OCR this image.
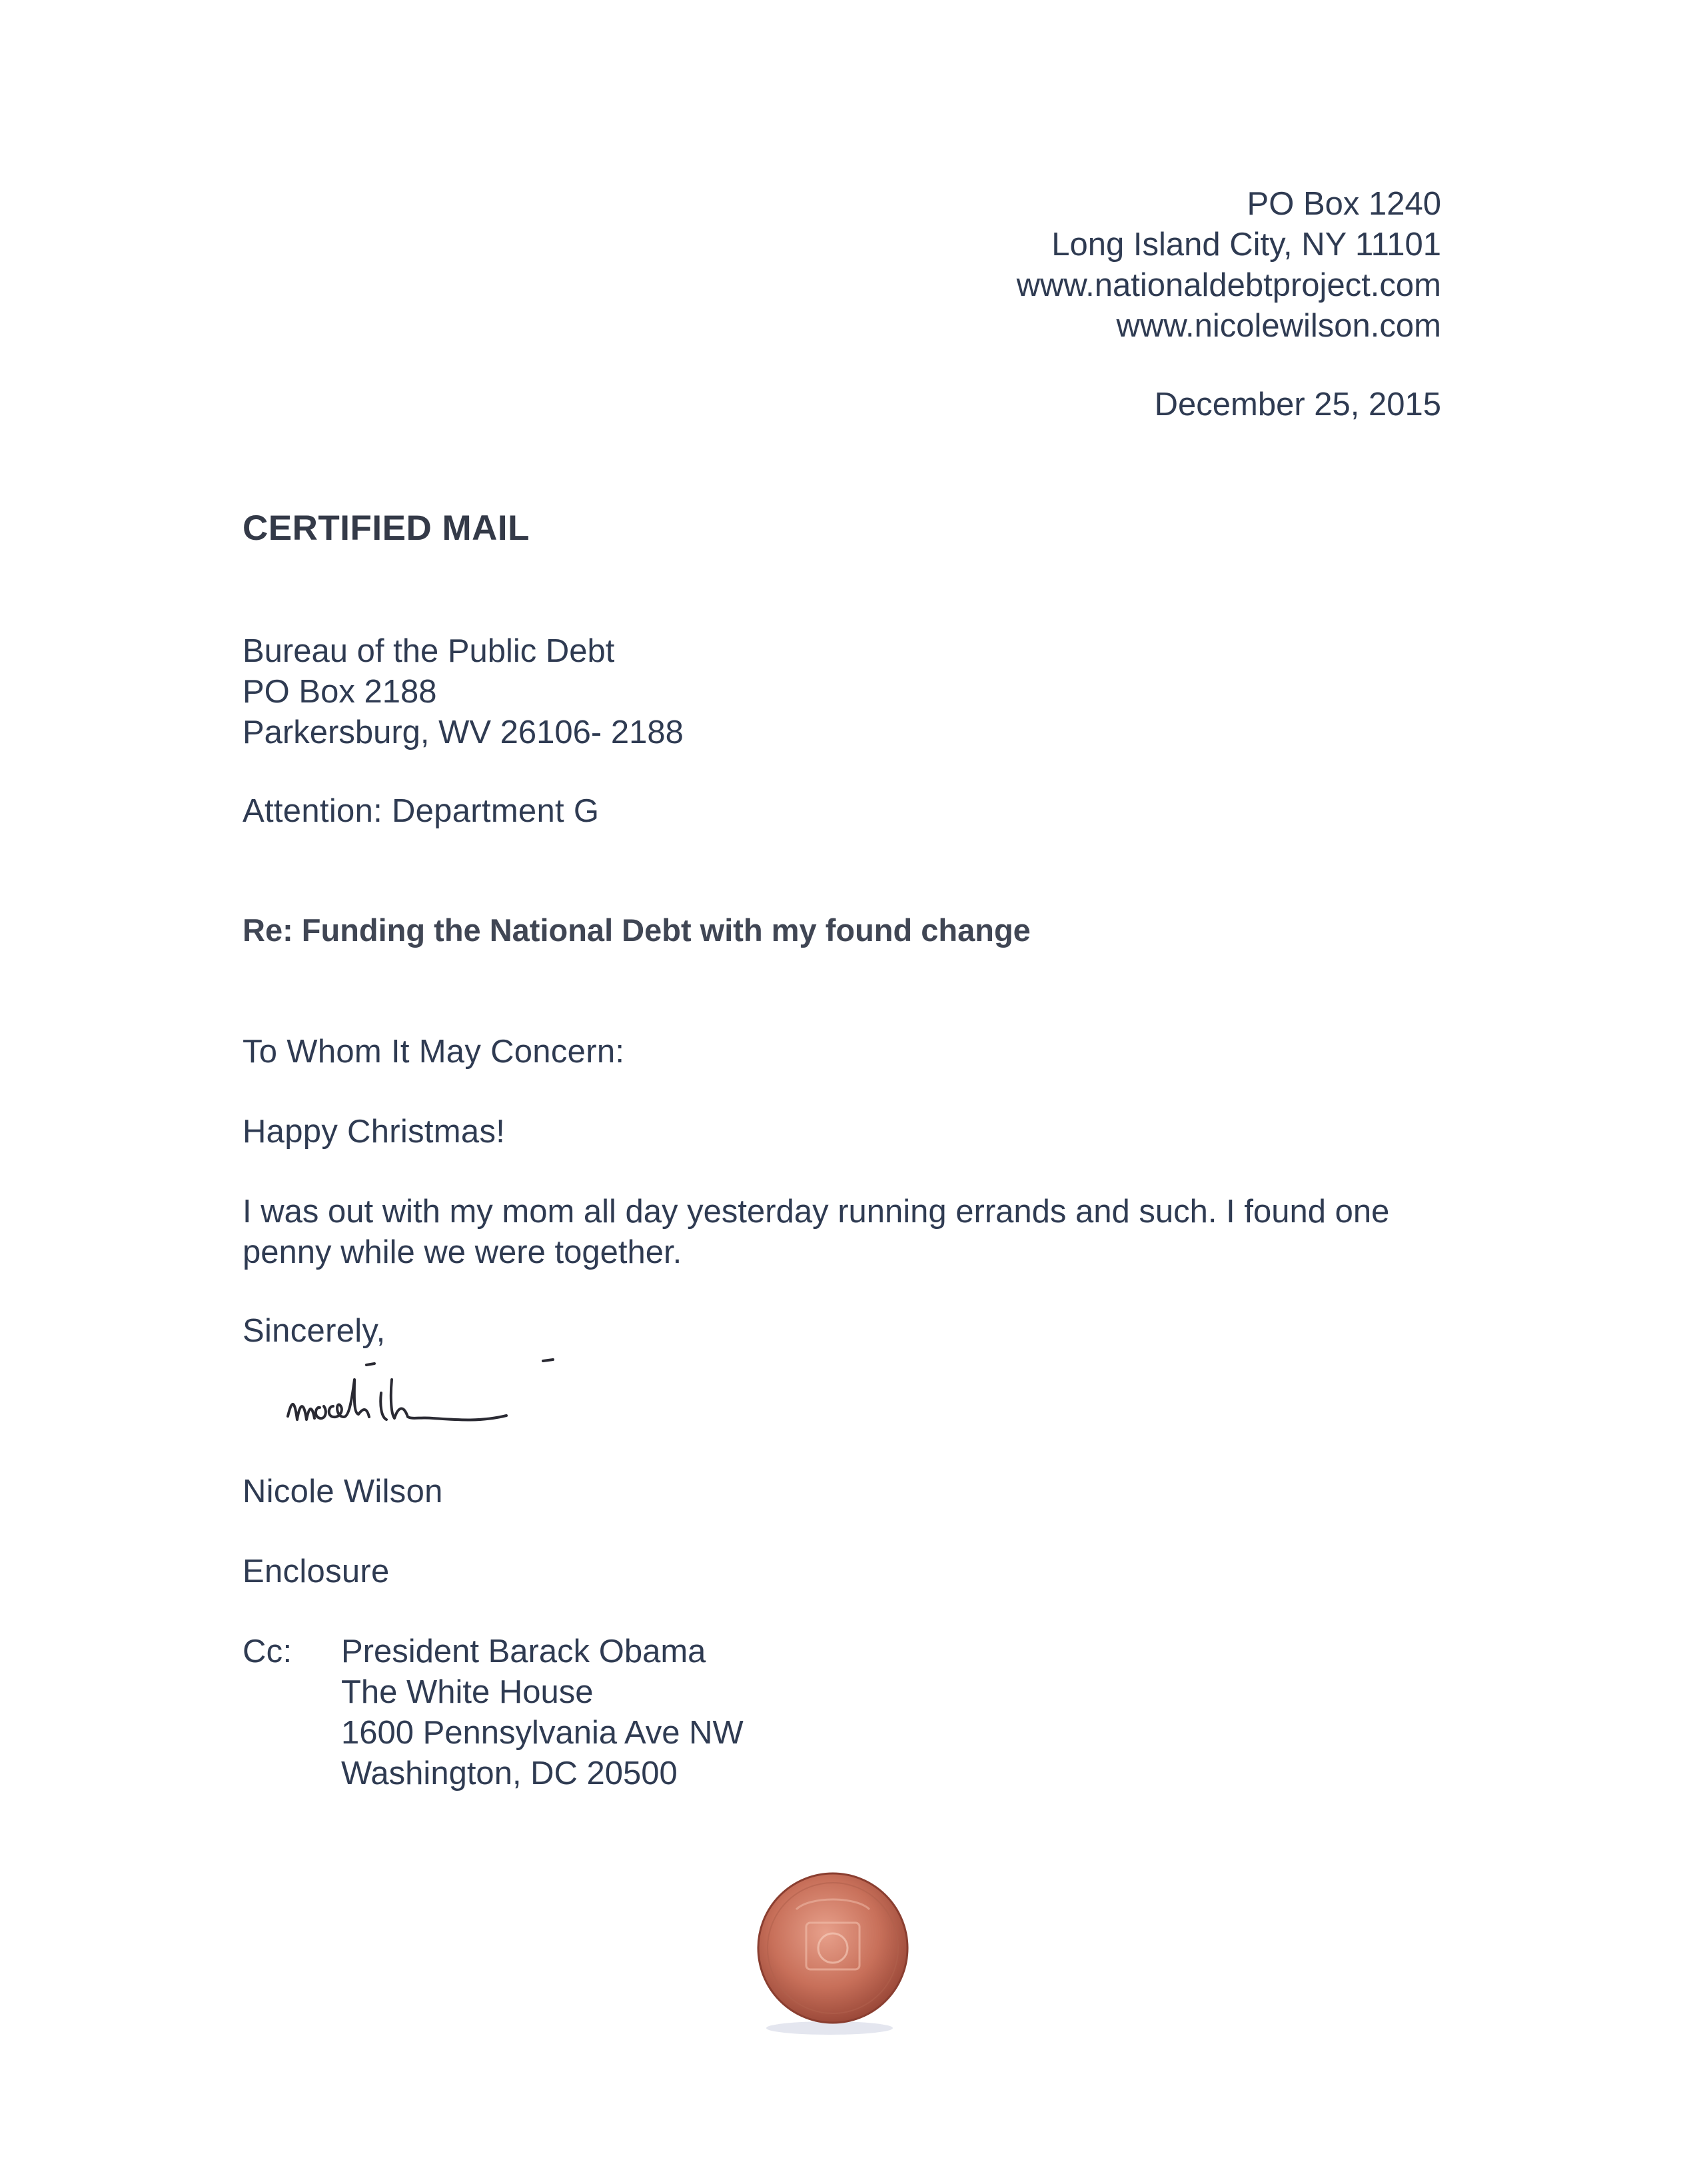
PO Box 1240
Long Island City, NY 11101
www.nationaldebtproject.com
www.nicolewilson.com
December 25, 2015
CERTIFIED MAIL
Bureau of the Public Debt
PO Box 2188
Parkersburg, WV 26106- 2188
Attention: Department G
Re: Funding the National Debt with my found change
To Whom It May Concern:
Happy Christmas!
I was out with my mom all day yesterday running errands and such. I found one penny while we were together.
Sincerely,
Nicole Wilson
Enclosure
Cc: President Barack Obama
The White House
1600 Pennsylvania Ave NW
Washington, DC 20500
